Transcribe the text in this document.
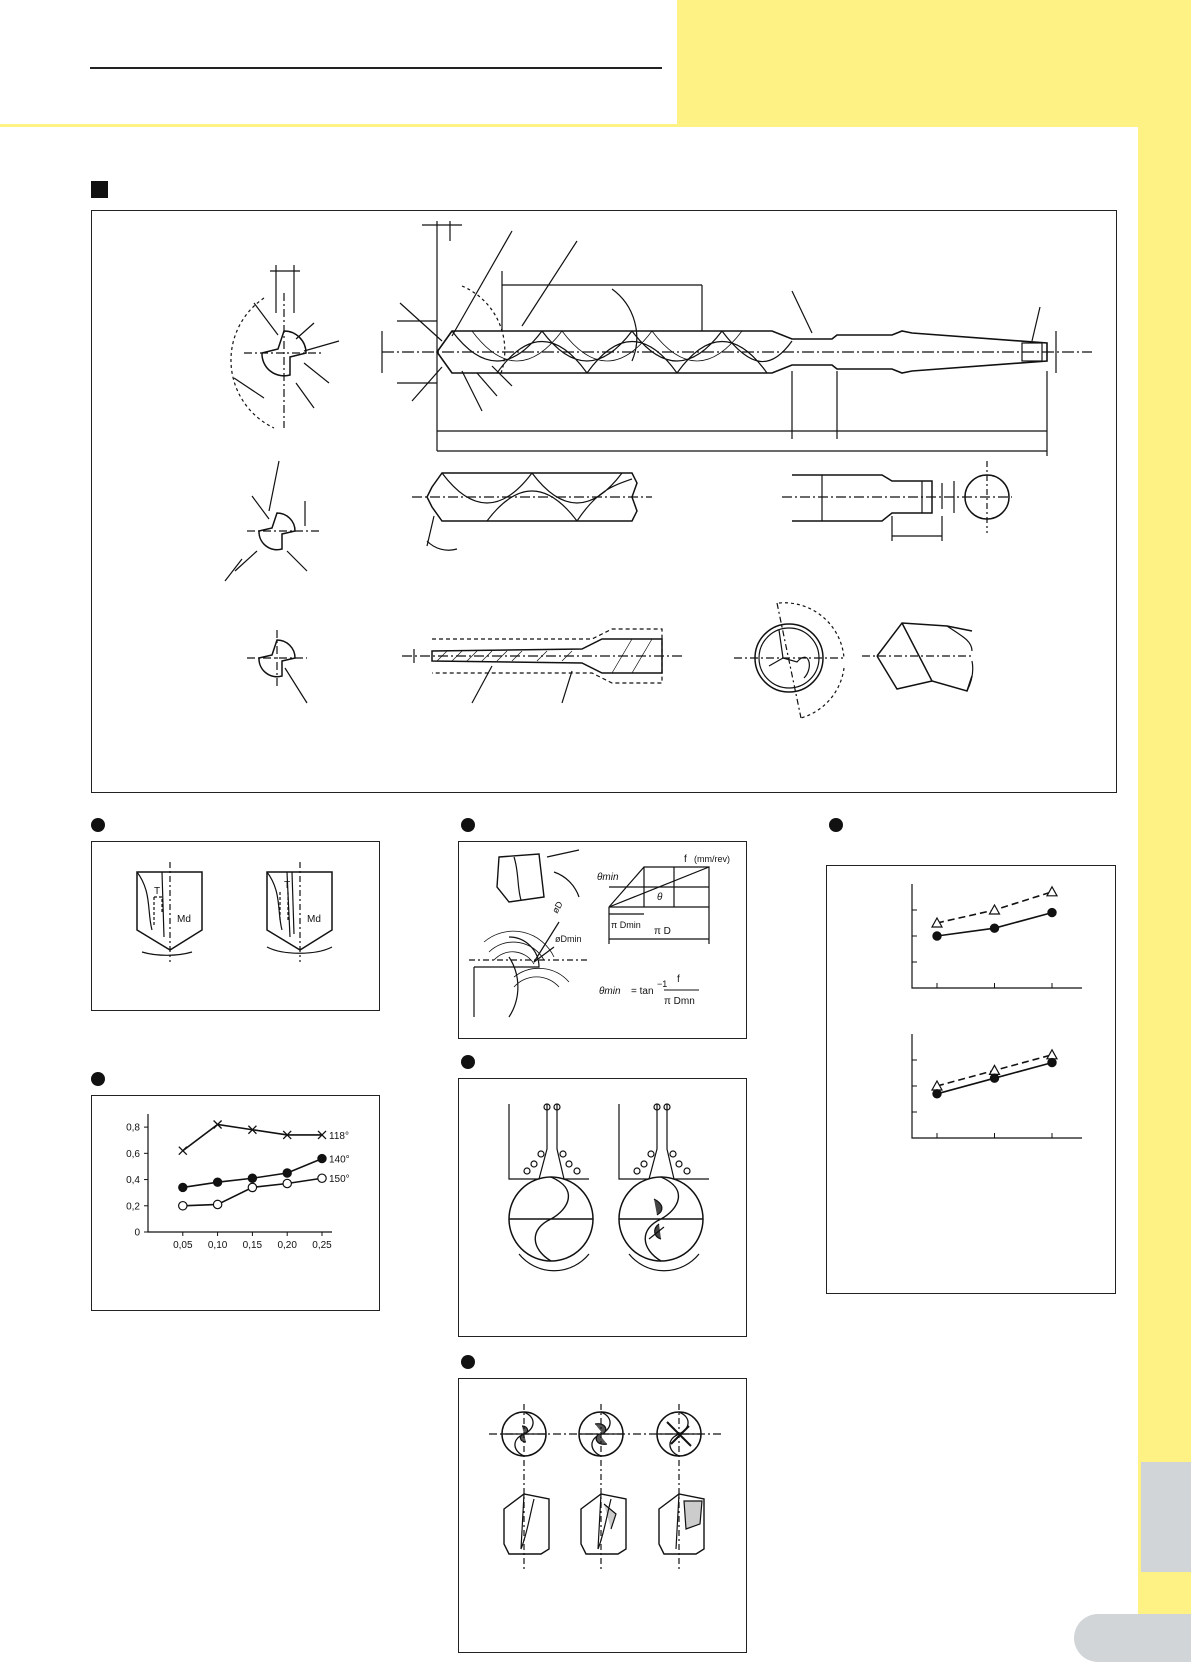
T
Md
T
Md
0
0,2
0,4
0,6
0,8
0,05 0,10 0,15 0,20 0,25
118°
140°
150°
f (mm/rev)
θmin
θ
π Dmin
π D
øD
øDmin
θmin = tan
−1 f
π Dmn
